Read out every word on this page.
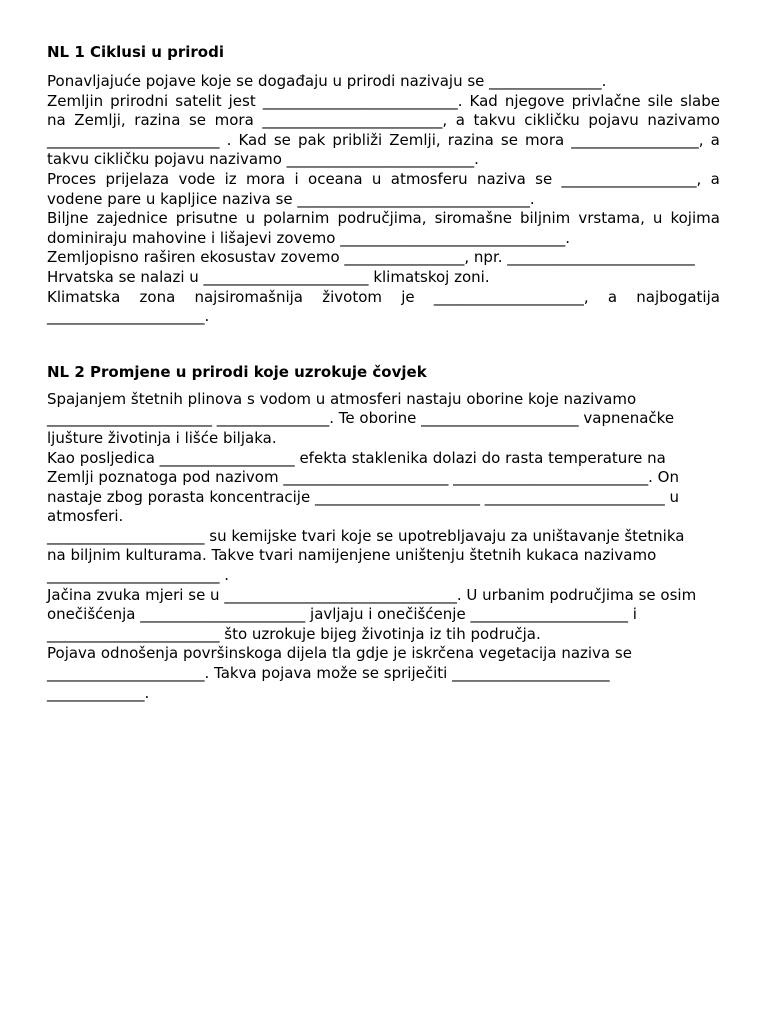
NL 1 Ciklusi u prirodi
Ponavljajuće pojave koje se događaju u prirodi nazivaju se _______________.
Zemljin prirodni satelit jest __________________________. Kad njegove privlačne sile slabe
na Zemlji, razina se mora ________________________, a takvu cikličku pojavu nazivamo
_______________________ . Kad se pak približi Zemlji, razina se mora _________________, a
takvu cikličku pojavu nazivamo _________________________.
Proces prijelaza vode iz mora i oceana u atmosferu naziva se __________________, a
vodene pare u kapljice naziva se _______________________________.
Biljne zajednice prisutne u polarnim područjima, siromašne biljnim vrstama, u kojima
dominiraju mahovine i lišajevi zovemo ______________________________.
Zemljopisno raširen ekosustav zovemo ________________, npr. _________________________
Hrvatska se nalazi u ______________________ klimatskoj zoni.
Klimatska zona najsiromašnija životom je ____________________, a najbogatija
_____________________.
NL 2 Promjene u prirodi koje uzrokuje čovjek
Spajanjem štetnih plinova s vodom u atmosferi nastaju oborine koje nazivamo
______________________ _______________. Te oborine _____________________ vapnenačke
ljušture životinja i lišće biljaka.
Kao posljedica __________________ efekta staklenika dolazi do rasta temperature na
Zemlji poznatoga pod nazivom ______________________ __________________________. On
nastaje zbog porasta koncentracije ______________________ ________________________ u
atmosferi.
_____________________ su kemijske tvari koje se upotrebljavaju za uništavanje štetnika
na biljnim kulturama. Takve tvari namijenjene uništenju štetnih kukaca nazivamo
_______________________ .
Jačina zvuka mjeri se u _______________________________. U urbanim područjima se osim
onečišćenja ______________________ javljaju i onečišćenje _____________________ i
_______________________ što uzrokuje bijeg životinja iz tih područja.
Pojava odnošenja površinskoga dijela tla gdje je iskrčena vegetacija naziva se
_____________________. Takva pojava može se spriječiti _____________________
_____________.
